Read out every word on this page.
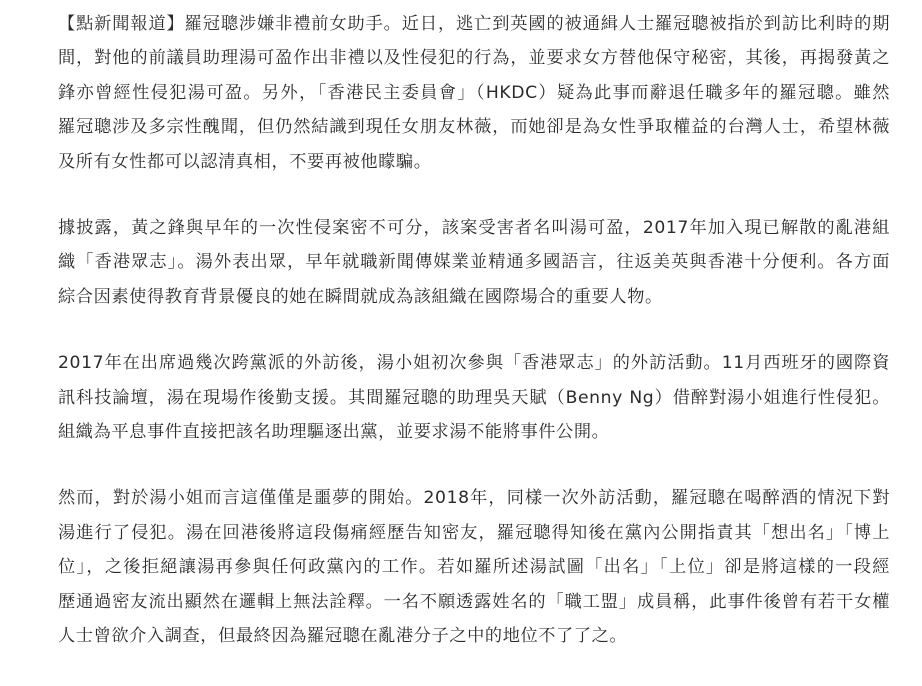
【點新聞報道】羅冠聰涉嫌非禮前女助手。近日，逃亡到英國的被通緝人士羅冠聰被指於到訪比利時的期
間，對他的前議員助理湯可盈作出非禮以及性侵犯的行為，並要求女方替他保守秘密，其後，再揭發黃之
鋒亦曾經性侵犯湯可盈。另外，「香港民主委員會」（HKDC）疑為此事而辭退任職多年的羅冠聰。雖然
羅冠聰涉及多宗性醜聞，但仍然結識到現任女朋友林薇，而她卻是為女性爭取權益的台灣人士，希望林薇
及所有女性都可以認清真相，不要再被他矇騙。

據披露，黃之鋒與早年的一次性侵案密不可分，該案受害者名叫湯可盈，2017年加入現已解散的亂港組
織「香港眾志」。湯外表出眾，早年就職新聞傳媒業並精通多國語言，往返美英與香港十分便利。各方面
綜合因素使得教育背景優良的她在瞬間就成為該組織在國際場合的重要人物。

2017年在出席過幾次跨黨派的外訪後，湯小姐初次參與「香港眾志」的外訪活動。11月西班牙的國際資
訊科技論壇，湯在現場作後勤支援。其間羅冠聰的助理吳天賦（Benny Ng）借醉對湯小姐進行性侵犯。
組織為平息事件直接把該名助理驅逐出黨，並要求湯不能將事件公開。

然而，對於湯小姐而言這僅僅是噩夢的開始。2018年，同樣一次外訪活動，羅冠聰在喝醉酒的情況下對
湯進行了侵犯。湯在回港後將這段傷痛經歷告知密友，羅冠聰得知後在黨內公開指責其「想出名」「博上
位」，之後拒絕讓湯再參與任何政黨內的工作。若如羅所述湯試圖「出名」「上位」卻是將這樣的一段經
歷通過密友流出顯然在邏輯上無法詮釋。一名不願透露姓名的「職工盟」成員稱，此事件後曾有若干女權
人士曾欲介入調查，但最終因為羅冠聰在亂港分子之中的地位不了了之。
